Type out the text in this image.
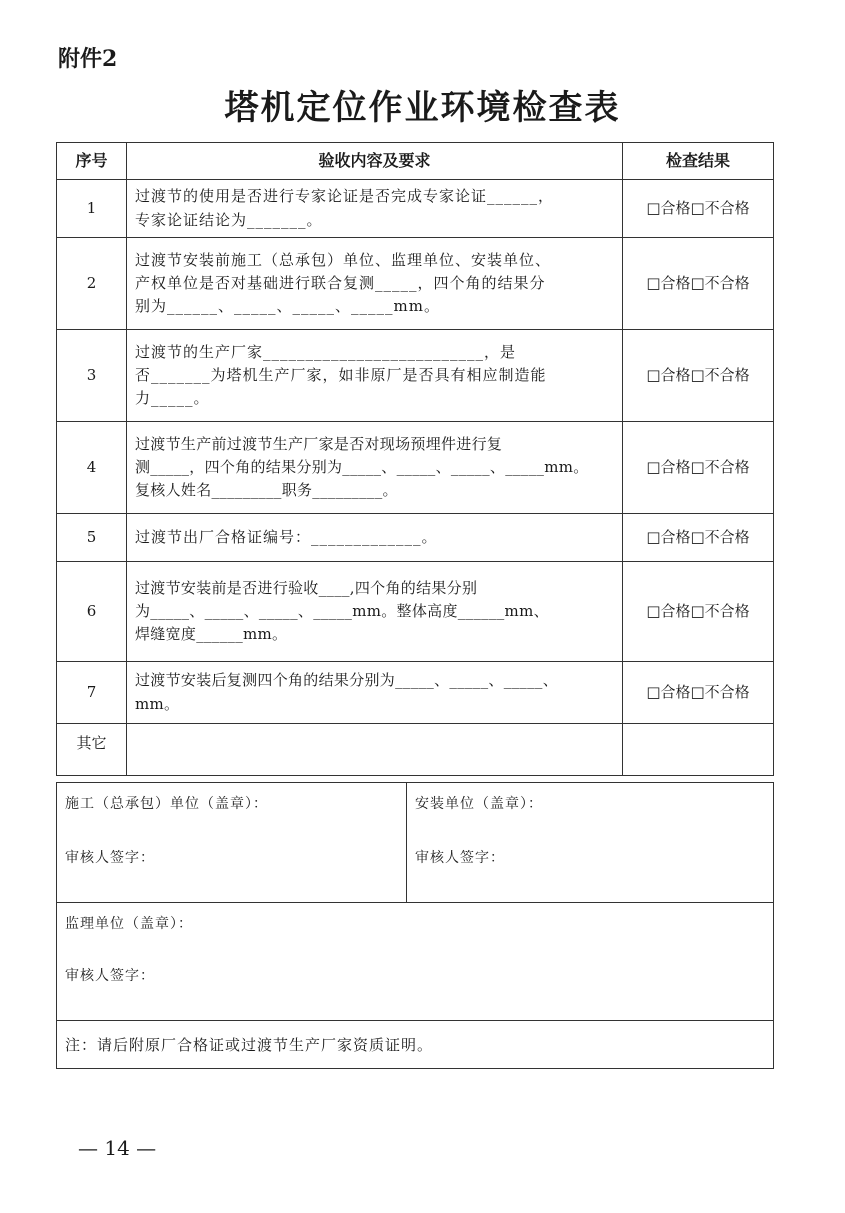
附件2
塔机定位作业环境检查表
序号	验收内容及要求	检查结果
1	过渡节的使用是否进行专家论证是否完成专家论证______，
专家论证结论为_______。	□合格□不合格
2	过渡节安装前施工（总承包）单位、监理单位、安装单位、
产权单位是否对基础进行联合复测_____，四个角的结果分
别为______、_____、_____、_____mm。	□合格□不合格
3	过渡节的生产厂家__________________________，是
否_______为塔机生产厂家，如非原厂是否具有相应制造能
力_____。	□合格□不合格
4	过渡节生产前过渡节生产厂家是否对现场预埋件进行复
测_____，四个角的结果分别为_____、_____、_____、_____mm。
复核人姓名_________职务_________。	□合格□不合格
5	过渡节出厂合格证编号：_____________。	□合格□不合格
6	过渡节安装前是否进行验收____,四个角的结果分别
为_____、_____、_____、_____mm。整体高度______mm、
焊缝宽度______mm。	□合格□不合格
7	过渡节安装后复测四个角的结果分别为_____、_____、_____、
mm。	□合格□不合格
其它		
施工（总承包）单位（盖章）：
审核人签字：

安装单位（盖章）：
审核人签字：

监理单位（盖章）：
审核人签字：

注：请后附原厂合格证或过渡节生产厂家资质证明。
— 14 —
